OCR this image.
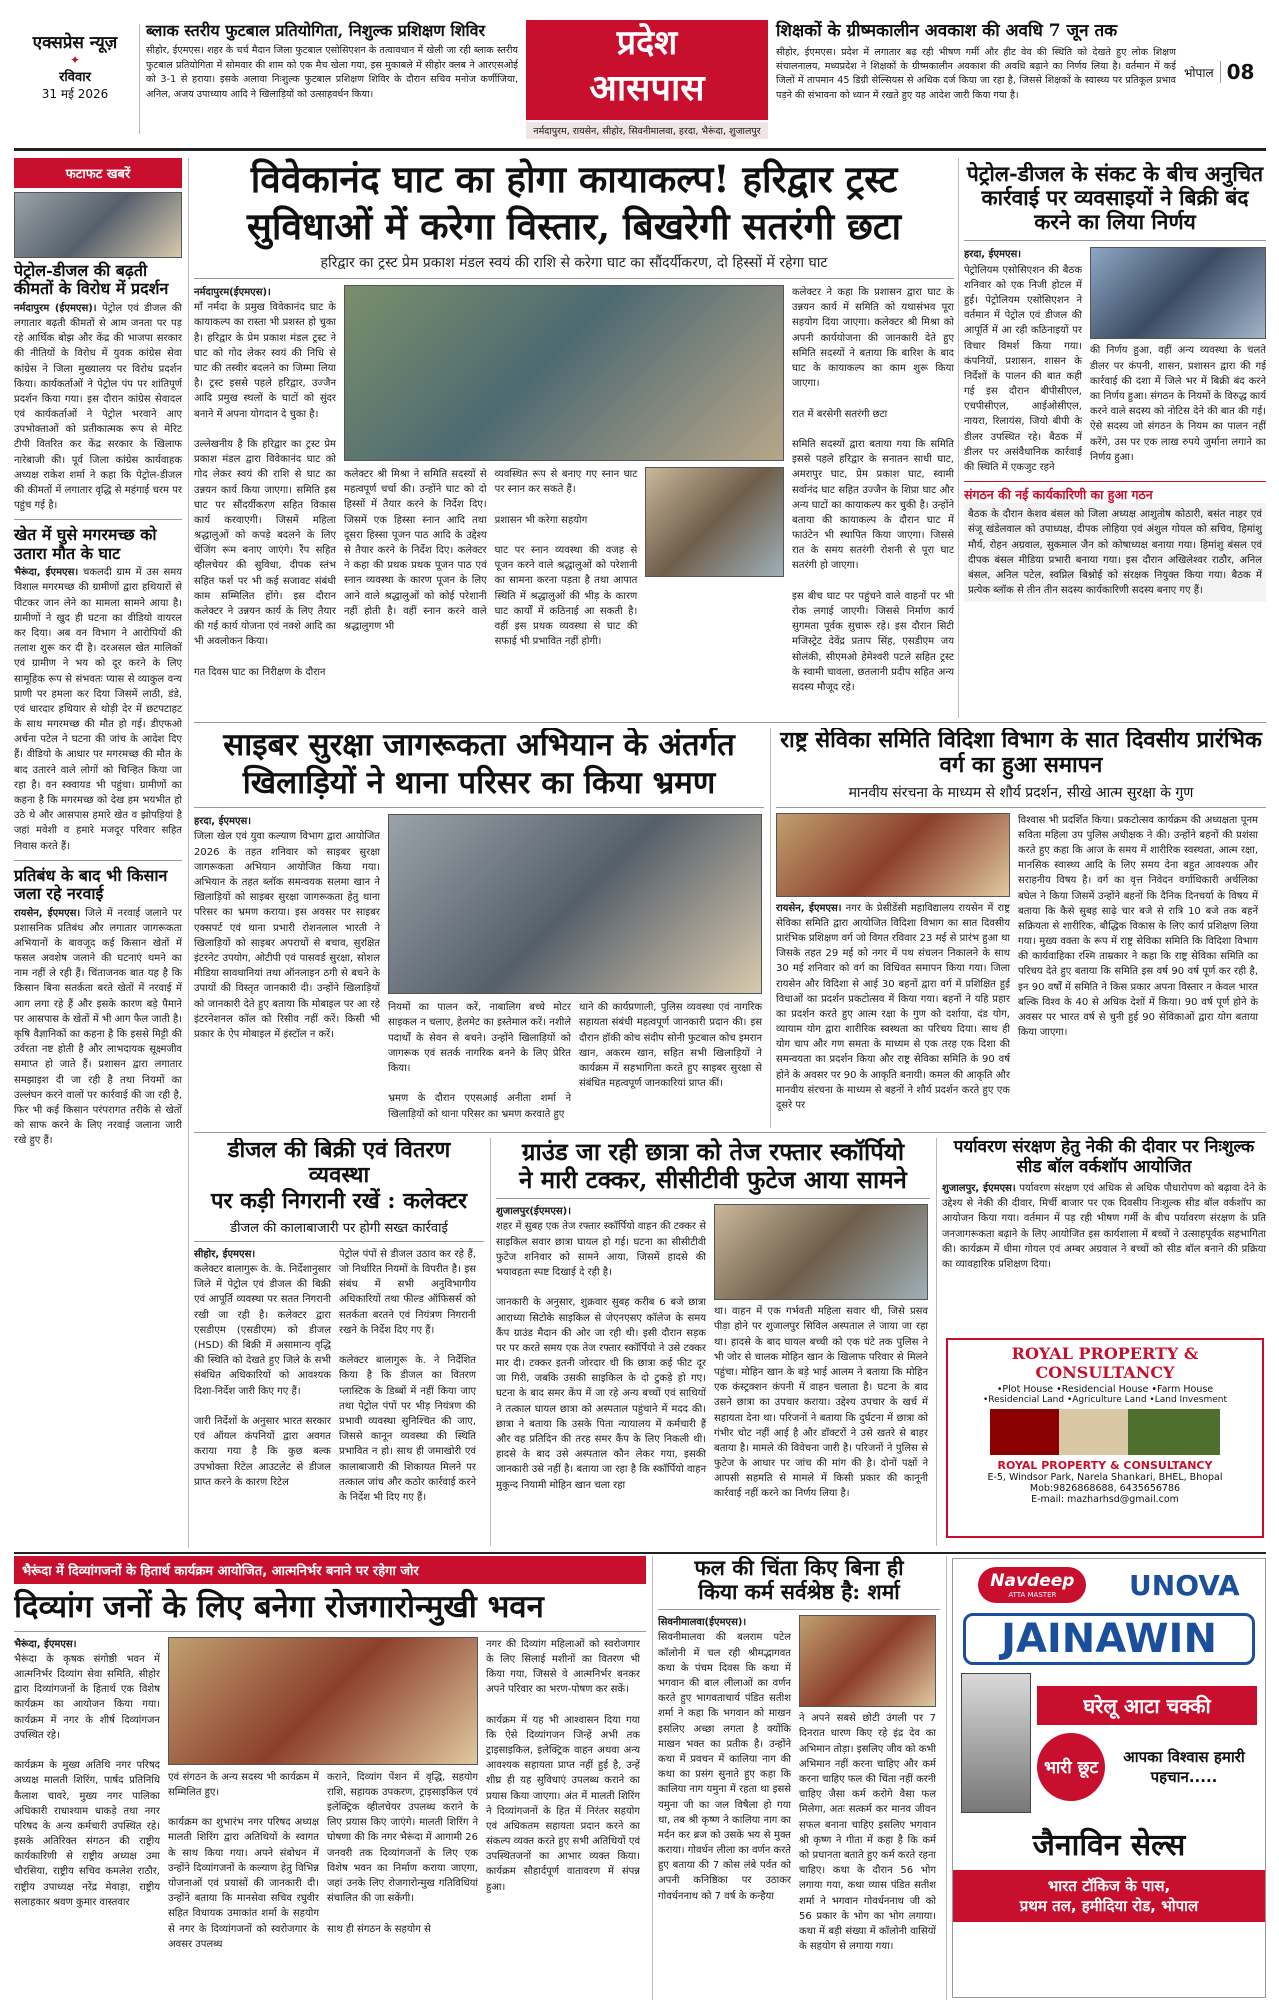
एक्सप्रेस न्यूज़
✦
रविवार
31 मई 2026
ब्लाक स्तरीय फुटबाल प्रतियोगिता, निशुल्क प्रशिक्षण शिविर
सीहोर, ईएमएस। शहर के चर्च मैदान जिला फुटबाल एसोसिएशन के तत्वावधान में खेली जा रही ब्लाक स्तरीय फुटबाल प्रतियोगिता में सोमवार की शाम को एक मैच खेला गया, इस मुकाबले में सीहोर क्लब ने आरएसओई को 3-1 से हराया। इसके अलावा निःशुल्क फुटबाल प्रशिक्षण शिविर के दौरान सचिव मनोज कर्णीजिया, अनिल, अजय उपाध्याय आदि ने खिलाड़ियों को उत्साहवर्धन किया।
प्रदेश
आसपास
नर्मदापुरम, रायसेन, सीहोर, सिवनीमालवा, हरदा, भैरूंदा, शुजालपुर
शिक्षकों के ग्रीष्मकालीन अवकाश की अवधि 7 जून तक
सीहोर, ईएमएस। प्रदेश में लगातार बढ़ रही भीषण गर्मी और हीट वेव की स्थिति को देखते हुए लोक शिक्षण संचालनालय, मध्यप्रदेश ने शिक्षकों के ग्रीष्मकालीन अवकाश की अवधि बढ़ाने का निर्णय लिया है। वर्तमान में कई जिलों में तापमान 45 डिग्री सेल्सियस से अधिक दर्ज किया जा रहा है, जिससे शिक्षकों के स्वास्थ्य पर प्रतिकूल प्रभाव पड़ने की संभावना को ध्यान में रखते हुए यह आदेश जारी किया गया है।
भोपाल 08
फटाफट खबरें
पेट्रोल-डीजल की बढ़ती कीमतों के विरोध में प्रदर्शन
नर्मदापुरम (ईएमएस)। पेट्रोल एवं डीजल की लगातार बढ़ती कीमतों से आम जनता पर पड़ रहे आर्थिक बोझ और केंद्र की भाजपा सरकार की नीतियों के विरोध में युवक कांग्रेस सेवा कांग्रेस ने जिला मुख्यालय पर विरोध प्रदर्शन किया। कार्यकर्ताओं ने पेट्रोल पंप पर शांतिपूर्ण प्रदर्शन किया गया। इस दौरान कांग्रेस सेवादल एवं कार्यकर्ताओं ने पेट्रोल भरवाने आए उपभोक्ताओं को प्रतीकात्मक रूप से मेरिट टीपी वितरित कर केंद्र सरकार के खिलाफ नारेबाजी की। पूर्व जिला कांग्रेस कार्यवाहक अध्यक्ष राकेश शर्मा ने कहा कि पेट्रोल-डीजल की कीमतों में लगातार वृद्धि से महंगाई चरम पर पहुंच गई है।
खेत में घुसे मगरमच्छ को उतारा मौत के घाट
भैरूंदा, ईएमएस। चकलदी ग्राम में उस समय विशाल मगरमच्छ की ग्रामीणों द्वारा हथियारों से पीटकर जान लेने का मामला सामने आया है। ग्रामीणों ने खुद ही घटना का वीडियो वायरल कर दिया। अब वन विभाग ने आरोपियों की तलाश शुरू कर दी है। दरअसल खेत मालिकों एवं ग्रामीण ने भय को दूर करने के लिए सामूहिक रूप से संभवतः प्यास से व्याकुल वन्य प्राणी पर हमला कर दिया जिसमें लाठी, डंडे, एवं धारदार हथियार से थोड़ी देर में छटपटाहट के साथ मगरमच्छ की मौत हो गई। डीएफओ अर्चना पटेल ने घटना की जांच के आदेश दिए हैं। वीडियो के आधार पर मगरमच्छ की मौत के बाद उतारने वाले लोगों को चिन्हित किया जा रहा है। वन स्क्वायड भी पहुंचा। ग्रामीणों का कहना है कि मगरमच्छ को देख हम भयभीत हो उठे थे और आसपास हमारे खेत व झोपड़ियां है जहां मवेशी व हमारे मजदूर परिवार सहित निवास करते हैं।
प्रतिबंध के बाद भी किसान जला रहे नरवाई
रायसेन, ईएमएस। जिले में नरवाई जलाने पर प्रशासनिक प्रतिबंध और लगातार जागरूकता अभियानों के बावजूद कई किसान खेतों में फसल अवशेष जलाने की घटनाएं थमने का नाम नहीं ले रही हैं। चिंताजनक बात यह है कि किसान बिना सतर्कता बरते खेतों में नरवाई में आग लगा रहे हैं और इसके कारण बड़े पैमाने पर आसपास के खेतों में भी आग फैल जाती है। कृषि वैज्ञानिकों का कहना है कि इससे मिट्टी की उर्वरता नष्ट होती है और लाभदायक सूक्ष्मजीव समाप्त हो जाते हैं। प्रशासन द्वारा लगातार समझाइश दी जा रही है तथा नियमों का उल्लंघन करने वालों पर कार्रवाई की जा रही है, फिर भी कई किसान परंपरागत तरीके से खेतों को साफ करने के लिए नरवाई जलाना जारी रखे हुए हैं।
विवेकानंद घाट का होगा कायाकल्प! हरिद्वार ट्रस्ट
सुविधाओं में करेगा विस्तार, बिखरेगी सतरंगी छटा
हरिद्वार का ट्रस्ट प्रेम प्रकाश मंडल स्वयं की राशि से करेगा घाट का सौंदर्यीकरण, दो हिस्सों में रहेगा घाट
नर्मदापुरम(ईएमएस)।
माँ नर्मदा के प्रमुख विवेकानंद घाट के कायाकल्प का रास्ता भी प्रशस्त हो चुका है। हरिद्वार के प्रेम प्रकाश मंडल ट्रस्ट ने घाट को गोद लेकर स्वयं की निधि से घाट की तस्वीर बदलने का जिम्मा लिया है। ट्रस्ट इससे पहले हरिद्वार, उज्जैन आदि प्रमुख स्थलों के घाटों को सुंदर बनाने में अपना योगदान दे चुका है।

उल्लेखनीय है कि हरिद्वार का ट्रस्ट प्रेम प्रकाश मंडल द्वारा विवेकानंद घाट को गोद लेकर स्वयं की राशि से घाट का उन्नयन कार्य किया जाएगा। समिति इस घाट पर सौंदर्यीकरण सहित विकास कार्य करवाएगी। जिसमें महिला श्रद्धालुओं को कपड़े बदलने के लिए चेंजिंग रूम बनाए जाएंगे। रैंप सहित व्हीलचेयर की सुविधा, दीपक स्तंभ सहित फर्श पर भी कई सजावट संबंधी काम सम्मिलित होंगे। इस दौरान कलेक्टर ने उन्नयन कार्य के लिए तैयार की गई कार्य योजना एवं नक्शे आदि का भी अवलोकन किया।

गत दिवस घाट का निरीक्षण के दौरान
कलेक्टर श्री मिश्रा ने समिति सदस्यों से महत्वपूर्ण चर्चा की। उन्होंने घाट को दो हिस्सों में तैयार करने के निर्देश दिए। जिसमें एक हिस्सा स्नान आदि तथा दूसरा हिस्सा पूजन पाठ आदि के उद्देश्य से तैयार करने के निर्देश दिए। कलेक्टर ने कहा की प्रथक प्रथक पूजन पाठ एवं स्नान व्यवस्था के कारण पूजन के लिए आने वाले श्रद्धालुओं को कोई परेशानी नहीं होती है। वहीं स्नान करने वाले श्रद्धालुगण भी
व्यवस्थित रूप से बनाए गए स्नान घाट पर स्नान कर सकते हैं।

प्रशासन भी करेगा सहयोग

घाट पर स्नान व्यवस्था की वजह से पूजन करने वाले श्रद्धालुओं को परेशानी का सामना करना पड़ता है तथा आपात स्थिति में श्रद्धालुओं की भीड़ के कारण घाट कार्यों में कठिनाई आ सकती है। वहीं इस प्रथक व्यवस्था से घाट की सफाई भी प्रभावित नहीं होगी।
कलेक्टर ने कहा कि प्रशासन द्वारा घाट के उन्नयन कार्य में समिति को यथासंभव पूरा सहयोग दिया जाएगा। कलेक्टर श्री मिश्रा को अपनी कार्ययोजना की जानकारी देते हुए समिति सदस्यों ने बताया कि बारिश के बाद घाट के कायाकल्प का काम शुरू किया जाएगा।

रात में बरसेगी सतरंगी छटा

समिति सदस्यों द्वारा बताया गया कि समिति इससे पहले हरिद्वार के सनातन साधी घाट, अमरापुर घाट, प्रेम प्रकाश घाट, स्वामी सर्वानंद घाट सहित उज्जैन के शिप्रा घाट और अन्य घाटों का कायाकल्प कर चुकी है। उन्होंने बताया की कायाकल्प के दौरान घाट में फाउंटेन भी स्थापित किया जाएगा। जिससे रात के समय सतरंगी रोशनी से पूरा घाट सतरंगी हो जाएगा।

इस बीच घाट पर पहुंचने वाले वाहनों पर भी रोक लगाई जाएगी। जिससे निर्माण कार्य सुगमता पूर्वक सुचारू रहे। इस दौरान सिटी मजिस्ट्रेट देवेंद्र प्रताप सिंह, एसडीएम जय सोलंकी, सीएमओ हेमेश्वरी पटले सहित ट्रस्ट के स्वामी चावला, छतलानी प्रदीप सहित अन्य सदस्य मौजूद रहे।
पेट्रोल-डीजल के संकट के बीच अनुचित कार्रवाई पर व्यवसाइयों ने बिक्री बंद करने का लिया निर्णय
हरदा, ईएमएस।
पेट्रोलियम एसोसिएशन की बैठक शनिवार को एक निजी होटल में हुई। पेट्रोलियम एसोसिएशन ने वर्तमान में पेट्रोल एवं डीजल की आपूर्ति में आ रही कठिनाइयों पर विचार विमर्श किया गया। कंपनियों, प्रशासन, शासन के निर्देशों के पालन की बात कही गई इस दौरान बीपीसीएल, एचपीसीएल, आईओसीएल, नायरा, रिलायंस, जियो बीपी के डीलर उपस्थित रहे। बैठक में डीलर पर असंवैधानिक कार्रवाई की स्थिति में एकजुट रहने
की निर्णय हुआ, वहीं अन्य व्यवस्था के चलते डीलर पर कंपनी, शासन, प्रशासन द्वारा की गई कार्रवाई की दशा में जिले भर में बिक्री बंद करने का निर्णय हुआ। संगठन के नियमों के विरुद्ध कार्य करने वाले सदस्य को नोटिस देने की बात की गई। ऐसे सदस्य जो संगठन के नियम का पालन नहीं करेंगे, उस पर एक लाख रुपये जुर्माना लगाने का निर्णय हुआ।
संगठन की नई कार्यकारिणी का हुआ गठन
बैठक के दौरान केशव बंसल को जिला अध्यक्ष आशुतोष कोठारी, बसंत नाहर एवं संजू खंडेलवाल को उपाध्यक्ष, दीपक लोहिया एवं अंशुल गोयल को सचिव, हिमांशु मौर्य, रोहन अग्रवाल, सुकमाल जैन को कोषाध्यक्ष बनाया गया। हिमांशु बंसल एवं दीपक बंसल मीडिया प्रभारी बनाया गया। इस दौरान अखिलेश्वर राठौर, अनिल बंसल, अनिल पटेल, स्वप्निल बिश्नोई को संरक्षक नियुक्त किया गया। बैठक में प्रत्येक ब्लॉक से तीन तीन सदस्य कार्यकारिणी सदस्य बनाए गए हैं।
साइबर सुरक्षा जागरूकता अभियान के अंतर्गत
खिलाड़ियों ने थाना परिसर का किया भ्रमण
हरदा, ईएमएस।
जिला खेल एवं युवा कल्याण विभाग द्वारा आयोजित 2026 के तहत शनिवार को साइबर सुरक्षा जागरूकता अभियान आयोजित किया गया। अभियान के तहत ब्लॉक समन्वयक सलमा खान ने खिलाड़ियों को साइबर सुरक्षा जागरूकता हेतु थाना परिसर का भ्रमण कराया। इस अवसर पर साइबर एक्सपर्ट एवं थाना प्रभारी रोशनलाल भारती ने खिलाड़ियों को साइबर अपराधों से बचाव, सुरक्षित इंटरनेट उपयोग, ओटीपी एवं पासवर्ड सुरक्षा, सोशल मीडिया सावधानियां तथा ऑनलाइन ठगी से बचने के उपायों की विस्तृत जानकारी दी। उन्होंने खिलाड़ियों को जानकारी देते हुए बताया कि मोबाइल पर आ रहे इंटरनेशनल कॉल को रिसीव नहीं करें। किसी भी प्रकार के ऐप मोबाइल में इंस्टॉल न करें।
नियमों का पालन करें, नाबालिग बच्चे मोटर साइकल न चलाए, हेलमेट का इस्तेमाल करें। नशीले पदार्थों के सेवन से बचने। उन्होंने खिलाड़ियों को जागरूक एवं सतर्क नागरिक बनने के लिए प्रेरित किया।

भ्रमण के दौरान एएसआई अनीता शर्मा ने खिलाड़ियों को थाना परिसर का भ्रमण करवाते हुए
थाने की कार्यप्रणाली, पुलिस व्यवस्था एवं नागरिक सहायता संबंधी महत्वपूर्ण जानकारी प्रदान की। इस दौरान हॉकी कोच संदीप सोनी फुटबाल कोच इमरान खान, अकरम खान, सहित सभी खिलाड़ियों ने कार्यक्रम में सहभागिता करते हुए साइबर सुरक्षा से संबंधित महत्वपूर्ण जानकारियां प्राप्त कीं।
राष्ट्र सेविका समिति विदिशा विभाग के सात दिवसीय प्रारंभिक वर्ग का हुआ समापन
मानवीय संरचना के माध्यम से शौर्य प्रदर्शन, सीखे आत्म सुरक्षा के गुण
रायसेन, ईएमएस। नगर के प्रेसीडेंसी महाविद्यालय रायसेन में राष्ट्र सेविका समिति द्वारा आयोजित विदिशा विभाग का सात दिवसीय प्रारंभिक प्रशिक्षण वर्ग जो विगत रविवार 23 मई से प्रारंभ हुआ था जिसके तहत 29 मई को नगर में पथ संचलन निकालने के साथ 30 मई शनिवार को वर्ग का विधिवत समापन किया गया। जिला रायसेन और विदिशा से आई 30 बहनों द्वारा वर्ग में प्रशिक्षित हुई विधाओं का प्रदर्शन प्रकटोत्सव में किया गया। बहनों ने यहि प्रहार का प्रदर्शन करते हुए आत्म रक्षा के गुण को दर्शाया, दंड योग, व्यायाम योग द्वारा शारीरिक स्वस्थता का परिचय दिया। साथ ही योग चाप और गण समता के माध्यम से एक तरह एक दिशा की समन्वयता का प्रदर्शन किया और राष्ट्र सेविका समिति के 90 वर्ष होने के अवसर पर 90 के आकृति बनायी। कमल की आकृति और मानवीय संरचना के माध्यम से बहनों ने शौर्य प्रदर्शन करते हुए एक दूसरे पर
विश्वास भी प्रदर्शित किया। प्रकटोत्सव कार्यक्रम की अध्यक्षता पूनम सविता महिला उप पुलिस अधीक्षक ने की। उन्होंने बहनों की प्रशंसा करते हुए कहा कि आज के समय में शारीरिक स्वस्थता, आत्म रक्षा, मानसिक स्वास्थ्य आदि के लिए समय देना बहुत आवश्यक और सराहनीय विषय है। वर्ग का वृत्त निवेदन वर्गाधिकारी अर्चलिका बघेल ने किया जिसमें उन्होंने बहनों कि दैनिक दिनचर्या के विषय में बताया कि कैसे सुबह साढ़े चार बजे से रात्रि 10 बजे तक बहनें सक्रियता से शारीरिक, बौद्धिक विकास के लिए कार्य प्रशिक्षण लिया गया। मुख्य वक्ता के रूप में राष्ट्र सेविका समिति कि विदिशा विभाग की कार्यवाहिका रश्मि ताम्रकार ने कहा कि राष्ट्र सेविका समिति का परिचय देते हुए बताया कि समिति इस वर्ष 90 वर्ष पूर्ण कर रही है, इन 90 वर्षों में समिति ने किस प्रकार अपना विस्तार न केवल भारत बल्कि विश्व के 40 से अधिक देशों में किया। 90 वर्ष पूर्ण होने के अवसर पर भारत वर्ष से चुनी हुई 90 सेविकाओं द्वारा योग बताया किया जाएगा।
डीजल की बिक्री एवं वितरण व्यवस्था
पर कड़ी निगरानी रखें : कलेक्टर
डीजल की कालाबाजारी पर होगी सख्त कार्रवाई
सीहोर, ईएमएस।
कलेक्टर बालागुरू के. के. निर्देशानुसार जिले में पेट्रोल एवं डीजल की बिक्री एवं आपूर्ति व्यवस्था पर सतत निगरानी रखी जा रही है। कलेक्टर द्वारा एसडीएम (एसडीएम) को डीजल (HSD) की बिक्री में असामान्य वृद्धि की स्थिति को देखते हुए जिले के सभी संबंधित अधिकारियों को आवश्यक दिशा-निर्देश जारी किए गए हैं।

जारी निर्देशों के अनुसार भारत सरकार एवं ऑयल कंपनियों द्वारा अवगत कराया गया है कि कुछ बल्क उपभोक्ता रिटेल आउटलेट से डीजल प्राप्त करने के कारण रिटेल
पेट्रोल पंपों से डीजल उठाव कर रहे हैं, जो निर्धारित नियमों के विपरीत है। इस संबंध में सभी अनुविभागीय अधिकारियों तथा फील्ड ऑफिसर्स को सतर्कता बरतने एवं नियंत्रण निगरानी रखने के निर्देश दिए गए हैं।

कलेक्टर बालागुरू के. ने निर्देशित किया है कि डीजल का वितरण प्लास्टिक के डिब्बों में नहीं किया जाए तथा पेट्रोल पंपों पर भीड़ नियंत्रण की प्रभावी व्यवस्था सुनिश्चित की जाए, जिससे कानून व्यवस्था की स्थिति प्रभावित न हो। साथ ही जमाखोरी एवं कालाबाजारी की शिकायत मिलने पर तत्काल जांच और कठोर कार्रवाई करने के निर्देश भी दिए गए हैं।
ग्राउंड जा रही छात्रा को तेज रफ्तार स्कॉर्पियो
ने मारी टक्कर, सीसीटीवी फुटेज आया सामने
शुजालपुर(ईएमएस)।
शहर में सुबह एक तेज रफ्तार स्कॉर्पियो वाहन की टक्कर से साइकिल सवार छात्रा घायल हो गई। घटना का सीसीटीवी फुटेज शनिवार को सामने आया, जिसमें हादसे की भयावहता स्पष्ट दिखाई दे रही है।

जानकारी के अनुसार, शुक्रवार सुबह करीब 6 बजे छात्रा आराध्या सिटोके साइकिल से जेएनएसए कॉलेज के समय कैंप ग्राउंड मैदान की ओर जा रही थी। इसी दौरान सड़क पर पर करते समय एक तेज रफ्तार स्कॉर्पियो ने उसे टक्कर मार दी। टक्कर इतनी जोरदार थी कि छात्रा कई फीट दूर जा गिरी, जबकि उसकी साइकिल के दो टुकड़े हो गए। घटना के बाद समर केंप में जा रहे अन्य बच्चों एवं साथियों ने तत्काल घायल छात्रा को अस्पताल पहुंचाने में मदद की। छात्रा ने बताया कि उसके पिता न्यायालय में कर्मचारी हैं और वह प्रतिदिन की तरह समर कैंप के लिए निकली थी। हादसे के बाद उसे अस्पताल कौन लेकर गया, इसकी जानकारी उसे नहीं है। बताया जा रहा है कि स्कॉर्पियो वाहन मुकुन्द नियामी मोहिन खान चला रहा
था। वाहन में एक गर्भवती महिला सवार थी, जिसे प्रसव पीड़ा होने पर शुजालपुर सिविल अस्पताल ले जाया जा रहा था। हादसे के बाद घायल बच्ची को एक घंटे तक पुलिस ने भी जोर से चालक मोहिन खान के खिलाफ परिवार से मिलने पहुंचा। मोहिन खान के बड़े भाई आलम ने बताया कि मोहिन एक कंस्ट्रक्शन कंपनी में वाहन चलाता है। घटना के बाद उसने छात्रा का उपचार कराया। उद्देश्य उपचार के खर्च में सहायता देना था। परिजनों ने बताया कि दुर्घटना में छात्रा को गंभीर चोट नहीं आई है और डॉक्टरों ने उसे खतरे से बाहर बताया है। मामले की विवेचना जारी है। परिजनों ने पुलिस से फुटेज के आधार पर जांच की मांग की है। दोनों पक्षों ने आपसी सहमति से मामले में किसी प्रकार की कानूनी कार्रवाई नहीं करने का निर्णय लिया है।
पर्यावरण संरक्षण हेतु नेकी की दीवार पर निःशुल्क सीड बॉल वर्कशॉप आयोजित
शुजालपुर, ईएमएस। पर्यावरण संरक्षण एवं अधिक से अधिक पौधारोपण को बढ़ावा देने के उद्देश्य से नेकी की दीवार, मिर्ची बाजार पर एक दिवसीय निःशुल्क सीड बॉल वर्कशॉप का आयोजन किया गया। वर्तमान में पड़ रही भीषण गर्मी के बीच पर्यावरण संरक्षण के प्रति जनजागरूकता बढ़ाने के लिए आयोजित इस कार्यशाला में बच्चों ने उत्साहपूर्वक सहभागिता की। कार्यक्रम में धीमा गोयल एवं अम्बर अग्रवाल ने बच्चों को सीड बॉल बनाने की प्रक्रिया का व्यावहारिक प्रशिक्षण दिया।
ROYAL PROPERTY & CONSULTANCY
•Plot House •Residencial House •Farm House
•Residencial Land •Agriculture Land •Land Invesment
ROYAL PROPERTY & CONSULTANCY
E-5, Windsor Park, Narela Shankari, BHEL, Bhopal
Mob:9826868688, 6435656786
E-mail: mazharhsd@gmail.com
भैरूंदा में दिव्यांगजनों के हितार्थ कार्यक्रम आयोजित, आत्मनिर्भर बनाने पर रहेगा जोर
दिव्यांग जनों के लिए बनेगा रोजगारोन्मुखी भवन
भैरूंदा, ईएमएस।
भैरूंदा के कृषक संगोष्ठी भवन में आत्मनिर्भर दिव्यांग सेवा समिति, सीहोर द्वारा दिव्यांगजनों के हितार्थ एक विशेष कार्यक्रम का आयोजन किया गया। कार्यक्रम में नगर के शीर्ष दिव्यांगजन उपस्थित रहे।

कार्यक्रम के मुख्य अतिथि नगर परिषद अध्यक्ष मालती शिरिंग, पार्षद प्रतिनिधि कैलाश चावरे, मुख्य नगर पालिका अधिकारी राधाश्याम धाकड़े तथा नगर परिषद के अन्य कर्मचारी उपस्थित रहे। इसके अतिरिक्त संगठन की राष्ट्रीय कार्यकारिणी से राष्ट्रीय अध्यक्ष उमा चौरसिया, राष्ट्रीय सचिव कमलेश राठौर, राष्ट्रीय उपाध्यक्ष नरेंद्र मेवाड़ा, राष्ट्रीय सलाहकार श्रवण कुमार वास्तवार
एवं संगठन के अन्य सदस्य भी कार्यक्रम में सम्मिलित हुए।

कार्यक्रम का शुभारंभ नगर परिषद अध्यक्ष मालती शिरिंग द्वारा अतिथियों के स्वागत के साथ किया गया। अपने संबोधन में उन्होंने दिव्यांगजनों के कल्याण हेतु विभिन्न योजनाओं एवं प्रयासों की जानकारी दी। उन्होंने बताया कि मानसेवा सचिव रघुवीर सहित विधायक उमाकांत शर्मा के सहयोग से नगर के दिव्यांगजनों को स्वरोजगार के अवसर उपलब्ध
कराने, दिव्यांग पेंशन में वृद्धि, सहयोग राशि, सहायक उपकरण, ट्राइसाइकिल एवं इलेक्ट्रिक व्हीलचेयर उपलब्ध कराने के लिए प्रयास किए जाएंगे। मालती शिरिंग ने घोषणा की कि नगर भैरूंदा में आगामी 26 जनवरी तक दिव्यांगजनों के लिए एक विशेष भवन का निर्माण कराया जाएगा, जहां उनके लिए रोजगारोन्मुख गतिविधियां संचालित की जा सकेंगी।

साथ ही संगठन के सहयोग से
नगर की दिव्यांग महिलाओं को स्वरोजगार के लिए सिलाई मशीनों का वितरण भी किया गया, जिससे वे आत्मनिर्भर बनकर अपने परिवार का भरण-पोषण कर सकें।

कार्यक्रम में यह भी आश्वासन दिया गया कि ऐसे दिव्यांगजन जिन्हें अभी तक ट्राइसाइकिल, इलेक्ट्रिक वाहन अथवा अन्य आवश्यक सहायता प्राप्त नहीं हुई है, उन्हें शीघ्र ही यह सुविधाएं उपलब्ध कराने का प्रयास किया जाएगा। अंत में मालती शिरिंग ने दिव्यांगजनों के हित में निरंतर सहयोग एवं अधिकतम सहायता प्रदान करने का संकल्प व्यक्त करते हुए सभी अतिथियों एवं उपस्थितजनों का आभार व्यक्त किया। कार्यक्रम सौहार्दपूर्ण वातावरण में संपन्न हुआ।
फल की चिंता किए बिना ही
किया कर्म सर्वश्रेष्ठ है: शर्मा
सिवनीमालवा(ईएमएस)।
सिवनीमालवा की बलराम पटेल कॉलोनी में चल रही श्रीमद्भागवत कथा के पंचम दिवस कि कथा में भगवान की बाल लीलाओं का वर्णन करते हुए भागवताचार्य पंडित सतीश शर्मा ने कहा कि भगवान को माखन इसलिए अच्छा लगता है क्योंकि माखन भक्त का प्रतीक है। उन्होंने कथा में प्रवचन में कालिया नाग की कथा का प्रसंग सुनाते हुए कहा कि कालिया नाग यमुना में रहता था इससे यमुना जी का जल विषैला हो गया था, तब श्री कृष्ण ने कालिया नाग का मर्दन कर ब्रज को उसके भय से मुक्त कराया। गोवर्धन लीला का वर्णन करते हुए बताया की 7 कोस लंबे पर्वत को अपनी कनिष्ठिका पर उठाकर गोवर्धननाथ को 7 वर्ष के कन्हैया
ने अपने सबसे छोटी उंगली पर 7 दिनरात धारण किए रहे इंद्र देव का अभिमान तोड़ा। इसलिए जीव को कभी अभिमान नहीं करना चाहिए और कर्म करना चाहिए फल की चिंता नहीं करनी चाहिए जैसा कर्म करोगे वैसा फल मिलेगा, अतः सत्कर्म कर मानव जीवन सफल बनाना चाहिए इसलिए भगवान श्री कृष्ण ने गीता में कहा है कि कर्म को प्रधानता बताते हुए कर्म करते रहना चाहिए। कथा के दौरान 56 भोग लगाया गया, कथा व्यास पंडित सतीश शर्मा ने भगवान गोवर्धननाथ जी को 56 प्रकार के भोग का भोग लगाया। कथा में बड़ी संख्या में कॉलोनी वासियों के सहयोग से लगाया गया।
Navdeep
ATTA MASTER	UNOVA
JAINAWIN
घरेलू आटा चक्की
भारी छूट
आपका विश्वास हमारी पहचान.....
जैनाविन सेल्स
भारत टॉकिज के पास,
प्रथम तल, हमीदिया रोड, भोपाल
